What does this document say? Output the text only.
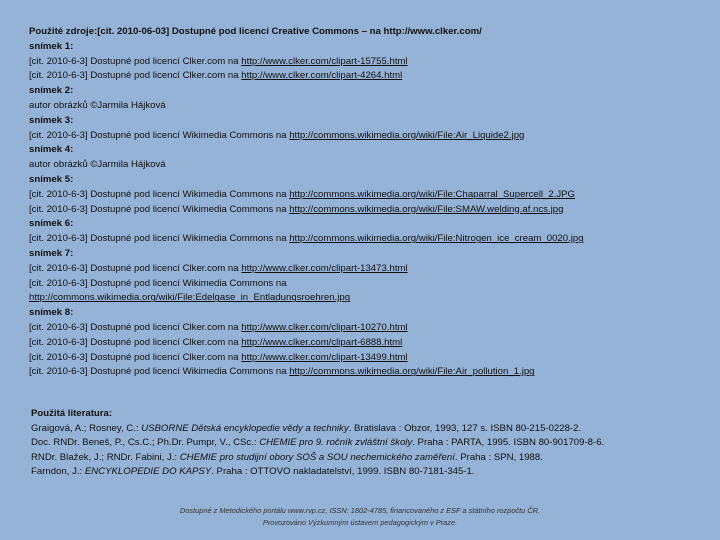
Použité zdroje:[cit. 2010-06-03] Dostupné pod licencí Creative Commons – na http://www.clker.com/
snímek 1:
[cit. 2010-6-3] Dostupné pod licencí Clker.com na http://www.clker.com/clipart-15755.html
[cit. 2010-6-3] Dostupné pod licencí Clker.com na http://www.clker.com/clipart-4264.html
snímek 2:
autor obrázků ©Jarmila Hájková
snímek 3:
[cit. 2010-6-3] Dostupné pod licencí Wikimedia Commons na http://commons.wikimedia.org/wiki/File:Air_Liquide2.jpg
snímek 4:
autor obrázků ©Jarmila Hájková
snímek 5:
[cit. 2010-6-3] Dostupné pod licencí Wikimedia Commons na http://commons.wikimedia.org/wiki/File:Chaparral_Supercell_2.JPG
[cit. 2010-6-3] Dostupné pod licencí Wikimedia Commons na http://commons.wikimedia.org/wiki/File:SMAW.welding.af.ncs.jpg
snímek 6:
[cit. 2010-6-3] Dostupné pod licencí Wikimedia Commons na http://commons.wikimedia.org/wiki/File:Nitrogen_ice_cream_0020.jpg
snímek 7:
[cit. 2010-6-3] Dostupné pod licencí Clker.com na http://www.clker.com/clipart-13473.html
[cit. 2010-6-3] Dostupné pod licencí Wikimedia Commons na
http://commons.wikimedia.org/wiki/File:Edelgase_in_Entladungsroehren.jpg
snímek 8:
[cit. 2010-6-3] Dostupné pod licencí Clker.com na http://www.clker.com/clipart-10270.html
[cit. 2010-6-3] Dostupné pod licencí Clker.com na http://www.clker.com/clipart-6888.html
[cit. 2010-6-3] Dostupné pod licencí Clker.com na http://www.clker.com/clipart-13499.html
[cit. 2010-6-3] Dostupné pod licencí Wikimedia Commons na http://commons.wikimedia.org/wiki/File:Air_pollution_1.jpg
Použitá literatura:
Graigová, A.; Rosney, C.: USBORNE Dětská encyklopedie vědy a techniky. Bratislava : Obzor, 1993, 127 s. ISBN 80-215-0228-2.
Doc. RNDr. Beneš, P., Cs.C.; Ph.Dr. Pumpr, V., CSc.: CHEMIE pro 9. ročník zvláštní školy. Praha : PARTA, 1995. ISBN 80-901709-8-6.
RNDr. Blažek, J.; RNDr. Fabini, J.: CHEMIE pro studijní obory SOŠ a SOU nechemického zaměření. Praha : SPN, 1988.
Farndon, J.: ENCYKLOPEDIE DO KAPSY. Praha : OTTOVO nakladatelství, 1999. ISBN 80-7181-345-1.
Dostupné z Metodického portálu www.rvp.cz, ISSN: 1802-4785, financovaného z ESF a státního rozpočtu ČR.
Provozováno Výzkumným ústavem pedagogickým v Praze.
